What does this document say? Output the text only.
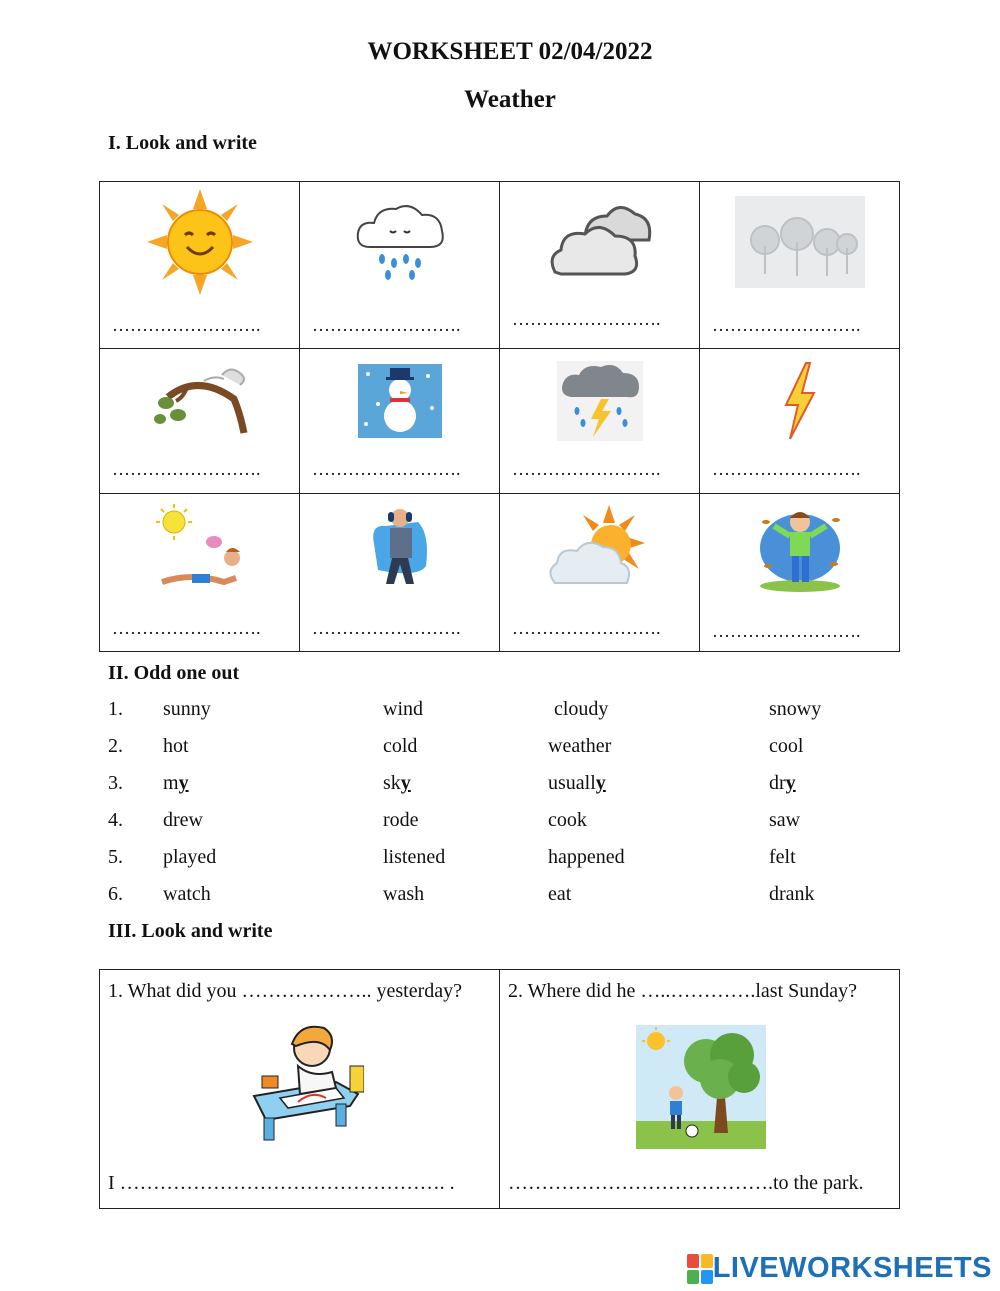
WORKSHEET 02/04/2022
Weather
I. Look and write
…………………….	…………………….	…………………….	…………………….

…………………….	…………………….	…………………….	…………………….

…………………….	…………………….	…………………….	…………………….
II. Odd one out
1. sunny	wind	cloudy	snowy
2. hot	cold	weather	cool
3. my	sky	usually	dry
4. drew	rode	cook	saw
5. played	listened	happened	felt
6. watch	wash	eat	drank
III. Look and write
1. What did you ……………….. yesterday?
I …………………………………………. .

2. Where did he …..………….last Sunday?
………………………………….to the park.
LIVEWORKSHEETS
